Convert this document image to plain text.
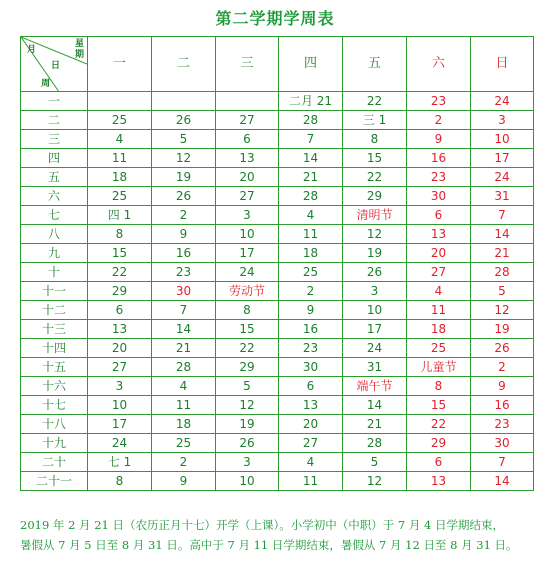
第二学期学周表
月
星
期
日
周	一	二	三	四	五	六	日
一				二月 21	22	23	24
二	25	26	27	28	三 1	2	3
三	4	5	6	7	8	9	10
四	11	12	13	14	15	16	17
五	18	19	20	21	22	23	24
六	25	26	27	28	29	30	31
七	四 1	2	3	4	清明节	6	7
八	8	9	10	11	12	13	14
九	15	16	17	18	19	20	21
十	22	23	24	25	26	27	28
十一	29	30	劳动节	2	3	4	5
十二	6	7	8	9	10	11	12
十三	13	14	15	16	17	18	19
十四	20	21	22	23	24	25	26
十五	27	28	29	30	31	儿童节	2
十六	3	4	5	6	端午节	8	9
十七	10	11	12	13	14	15	16
十八	17	18	19	20	21	22	23
十九	24	25	26	27	28	29	30
二十	七 1	2	3	4	5	6	7
二十一	8	9	10	11	12	13	14
2019 年 2 月 21 日（农历正月十七）开学（上课）。小学初中（中职）于 7 月 4 日学期结束，
暑假从 7 月 5 日至 8 月 31 日。高中于 7 月 11 日学期结束，暑假从 7 月 12 日至 8 月 31 日。
